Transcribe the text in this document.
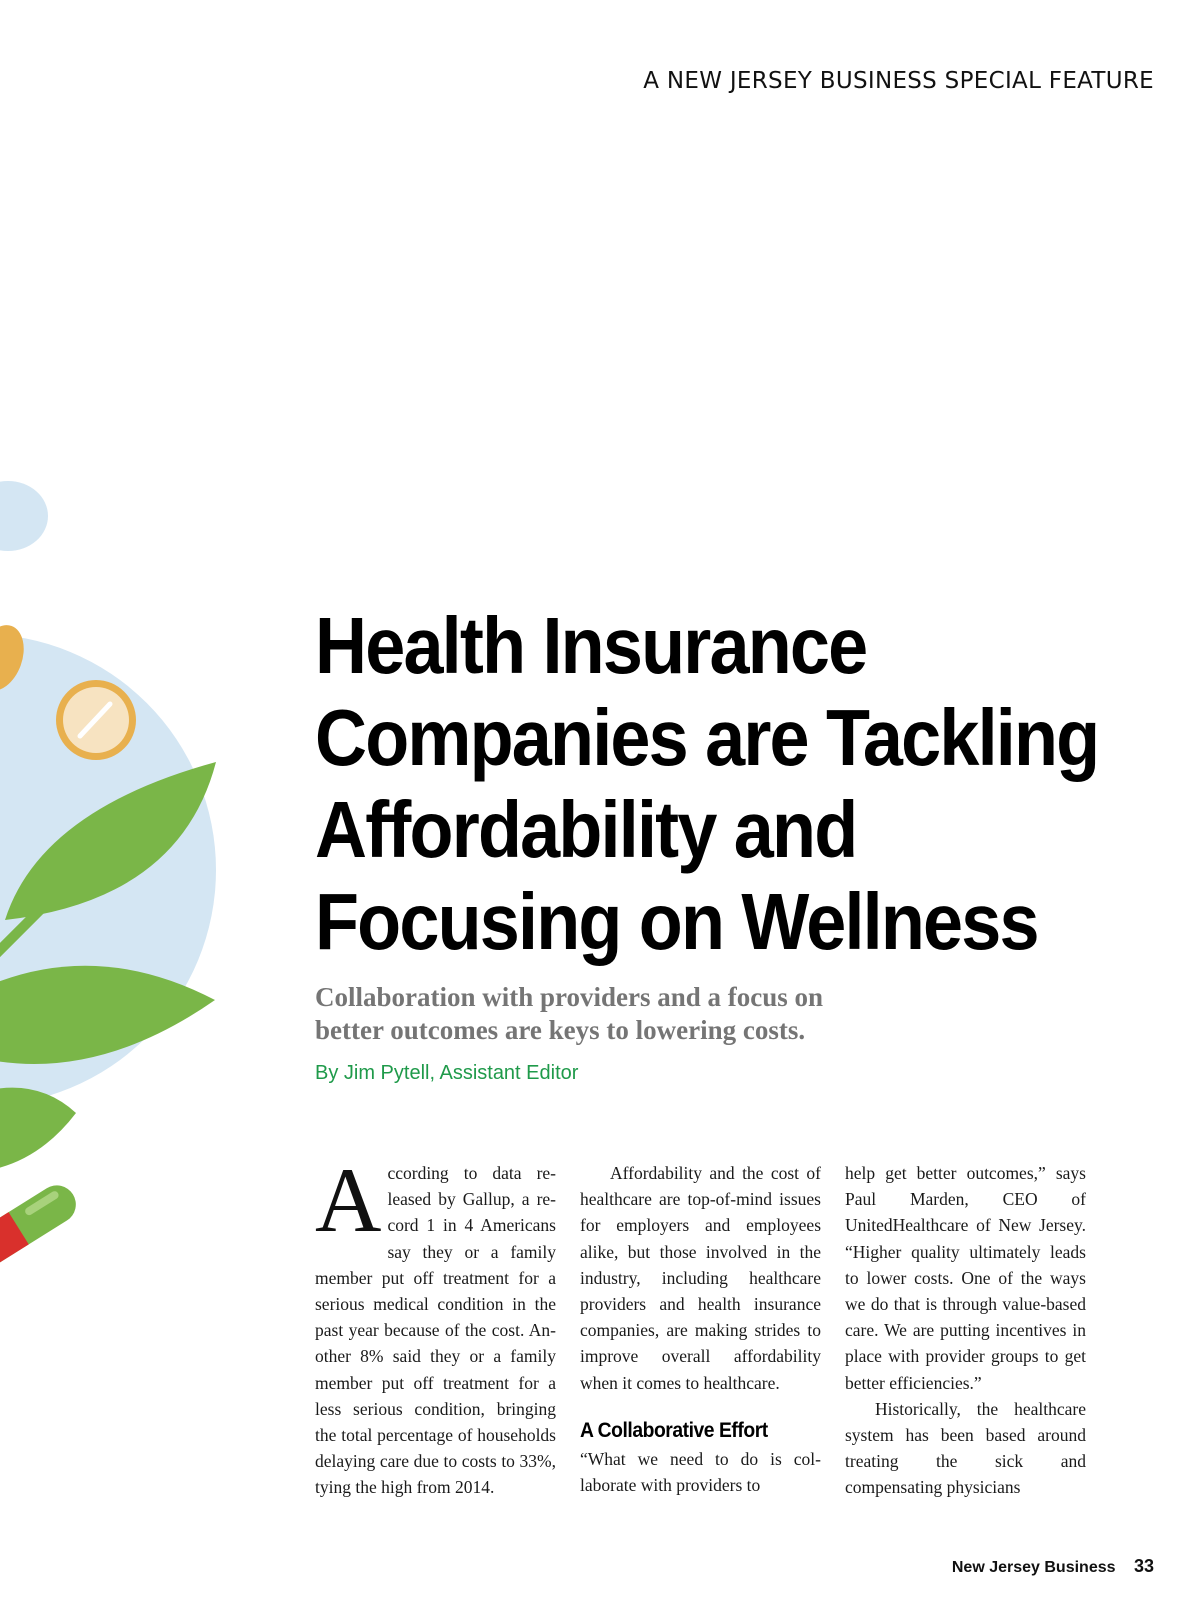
A NEW JERSEY BUSINESS SPECIAL FEATURE
Health Insurance
Companies are Tackling
Affordability and
Focusing on Wellness
Collaboration with providers and a focus on
better outcomes are keys to lowering costs.
By Jim Pytell, Assistant Editor

According to data released by Gallup, a record 1 in 4 Americans say they or a family member put off treatment for a serious medical condition in the past year because of the cost. Another 8% said they or a family member put off treatment for a less serious condition, bringing the total percentage of households delaying care due to costs to 33%, tying the high from 2014.

Affordability and the cost of healthcare are top-of-mind issues for employers and employees alike, but those involved in the industry, including healthcare providers and health insurance companies, are making strides to improve overall affordability when it comes to healthcare.

A Collaborative Effort

“What we need to do is collaborate with providers to

help get better outcomes,” says Paul Marden, CEO of UnitedHealthcare of New Jersey. “Higher quality ultimately leads to lower costs. One of the ways we do that is through value-based care. We are putting incentives in place with provider groups to get better efficiencies.”

Historically, the healthcare system has been based around treating the sick and compensating physicians

New Jersey Business 33
